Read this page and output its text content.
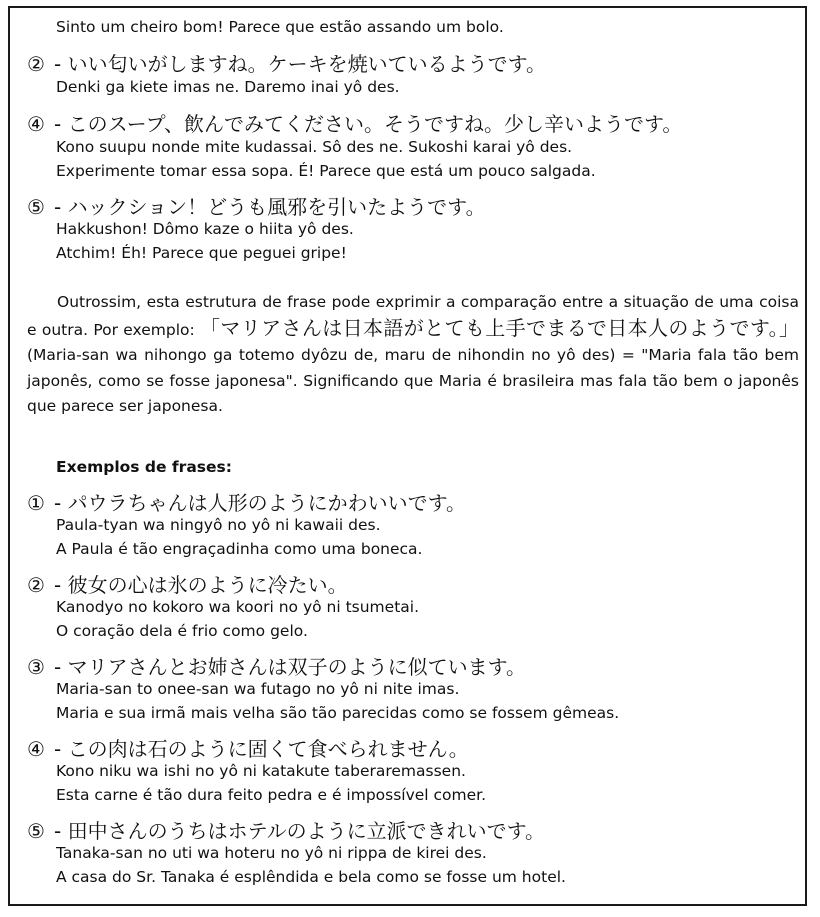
Sinto um cheiro bom! Parece que estão assando um bolo.
② - いい匂いがしますね。ケーキを焼いているようです。
Denki ga kiete imas ne. Daremo inai yô des.
④ - このスープ、飲んでみてください。そうですね。少し辛いようです。
Kono suupu nonde mite kudassai. Sô des ne. Sukoshi karai yô des.
Experimente tomar essa sopa. É! Parece que está um pouco salgada.
⑤ - ハックション！どうも風邪を引いたようです。
Hakkushon! Dômo kaze o hiita yô des.
Atchim! Éh! Parece que peguei gripe!
Outrossim, esta estrutura de frase pode exprimir a comparação entre a situação de uma coisa e outra. Por exemplo: 「マリアさんは日本語がとても上手でまるで日本人のようです。」 (Maria-san wa nihongo ga totemo dyôzu de, maru de nihondin no yô des) = "Maria fala tão bem japonês, como se fosse japonesa". Significando que Maria é brasileira mas fala tão bem o japonês que parece ser japonesa.
Exemplos de frases:
① - パウラちゃんは人形のようにかわいいです。
Paula-tyan wa ningyô no yô ni kawaii des.
A Paula é tão engraçadinha como uma boneca.
② - 彼女の心は氷のように冷たい。
Kanodyo no kokoro wa koori no yô ni tsumetai.
O coração dela é frio como gelo.
③ - マリアさんとお姉さんは双子のように似ています。
Maria-san to onee-san wa futago no yô ni nite imas.
Maria e sua irmã mais velha são tão parecidas como se fossem gêmeas.
④ - この肉は石のように固くて食べられません。
Kono niku wa ishi no yô ni katakute taberaremassen.
Esta carne é tão dura feito pedra e é impossível comer.
⑤ - 田中さんのうちはホテルのように立派できれいです。
Tanaka-san no uti wa hoteru no yô ni rippa de kirei des.
A casa do Sr. Tanaka é esplêndida e bela como se fosse um hotel.
